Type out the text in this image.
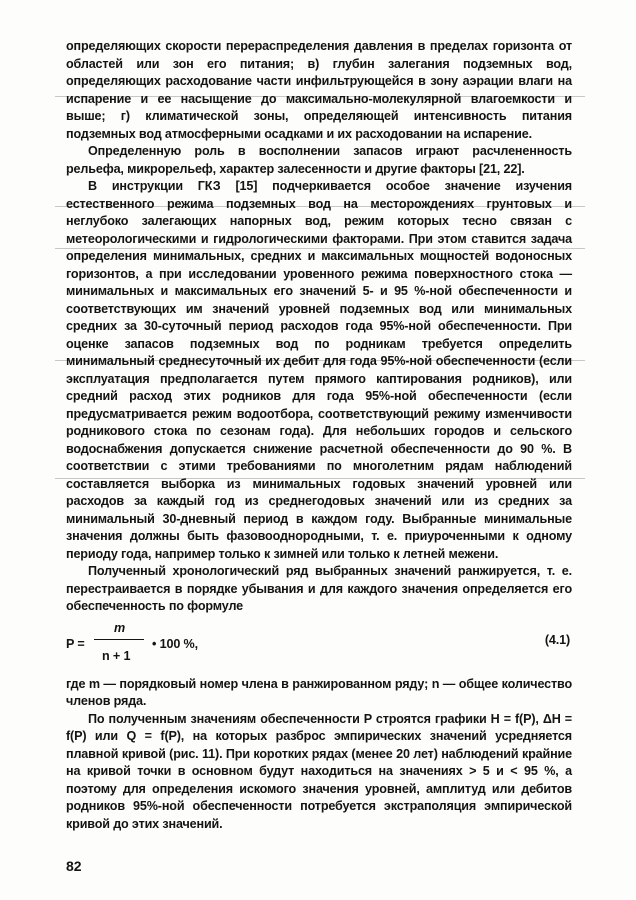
определяющих скорости перераспределения давления в пределах горизонта от областей или зон его питания; в) глубин залегания подземных вод, определяющих расходование части инфильтрующейся в зону аэрации влаги на испарение и ее насыщение до максимально-молекулярной влагоемкости и выше; г) климатической зоны, определяющей интенсивность питания подземных вод атмосферными осадками и их расходовании на испарение.

Определенную роль в восполнении запасов играют расчлененность рельефа, микрорельеф, характер залесенности и другие факторы [21, 22].

В инструкции ГКЗ [15] подчеркивается особое значение изучения естественного режима подземных вод на месторождениях грунтовых и неглубоко залегающих напорных вод, режим которых тесно связан с метеорологическими и гидрологическими факторами. При этом ставится задача определения минимальных, средних и максимальных мощностей водоносных горизонтов, а при исследовании уровенного режима поверхностного стока — минимальных и максимальных его значений 5- и 95 %-ной обеспеченности и соответствующих им значений уровней подземных вод или минимальных средних за 30-суточный период расходов года 95%-ной обеспеченности. При оценке запасов подземных вод по родникам требуется определить минимальный среднесуточный их дебит для года 95%-ной обеспеченности (если эксплуатация предполагается путем прямого каптирования родников), или средний расход этих родников для года 95%-ной обеспеченности (если предусматривается режим водоотбора, соответствующий режиму изменчивости родникового стока по сезонам года). Для небольших городов и сельского водоснабжения допускается снижение расчетной обеспеченности до 90 %. В соответствии с этими требованиями по многолетним рядам наблюдений составляется выборка из минимальных годовых значений уровней или расходов за каждый год из среднегодовых значений или из средних за минимальный 30-дневный период в каждом году. Выбранные минимальные значения должны быть фазовооднородными, т. е. приуроченными к одному периоду года, например только к зимней или только к летней межени.

Полученный хронологический ряд выбранных значений ранжируется, т. е. перестраивается в порядке убывания и для каждого значения определяется его обеспеченность по формуле

P =
m
n + 1
• 100 %,	(4.1)

где m — порядковый номер члена в ранжированном ряду; n — общее количество членов ряда.

По полученным значениям обеспеченности P строятся графики H = f(P), ΔH = f(P) или Q = f(P), на которых разброс эмпирических значений усредняется плавной кривой (рис. 11). При коротких рядах (менее 20 лет) наблюдений крайние на кривой точки в основном будут находиться на значениях > 5 и < 95 %, а поэтому для определения искомого значения уровней, амплитуд или дебитов родников 95%-ной обеспеченности потребуется экстраполяция эмпирической кривой до этих значений.

82
